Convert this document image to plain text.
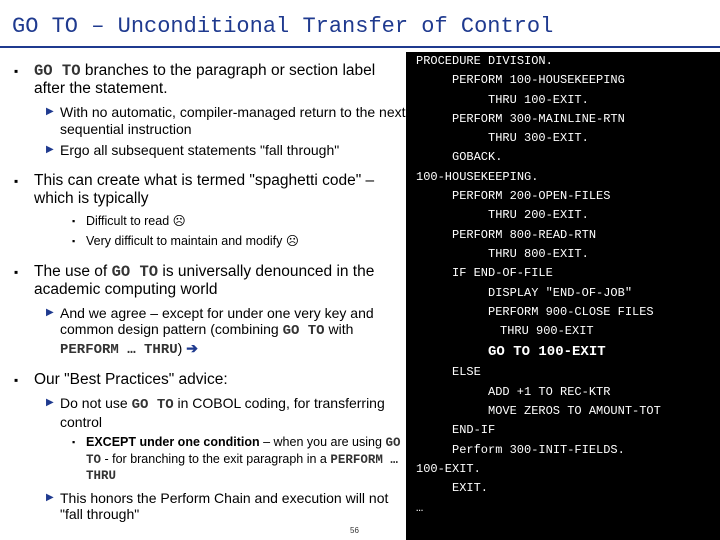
GO TO – Unconditional Transfer of Control
▪ GO TO branches to the paragraph or section label after the statement.
▶ With no automatic, compiler-managed return to the next sequential instruction
▶ Ergo all subsequent statements "fall through"
▪ This can create what is termed "spaghetti code" – which is typically
▪ Difficult to read ☹
▪ Very difficult to maintain and modify ☹
▪ The use of GO TO is universally denounced in the academic computing world
▶ And we agree – except for under one very key and common design pattern (combining GO TO with PERFORM … THRU) ➔
▪ Our "Best Practices" advice:
▶ Do not use GO TO in COBOL coding, for transferring control
▪ EXCEPT under one condition – when you are using GO TO - for branching to the exit paragraph in a PERFORM … THRU
▶ This honors the Perform Chain and execution will not "fall through"
56
PROCEDURE DIVISION.
PERFORM 100-HOUSEKEEPING
THRU 100-EXIT.
PERFORM 300-MAINLINE-RTN
THRU 300-EXIT.
GOBACK.
100-HOUSEKEEPING.
PERFORM 200-OPEN-FILES
THRU 200-EXIT.
PERFORM 800-READ-RTN
THRU 800-EXIT.
IF END-OF-FILE
DISPLAY "END-OF-JOB"
PERFORM 900-CLOSE FILES
THRU 900-EXIT
GO TO 100-EXIT
ELSE
ADD +1 TO REC-KTR
MOVE ZEROS TO AMOUNT-TOT
END-IF
Perform 300-INIT-FIELDS.
100-EXIT.
EXIT.
…
